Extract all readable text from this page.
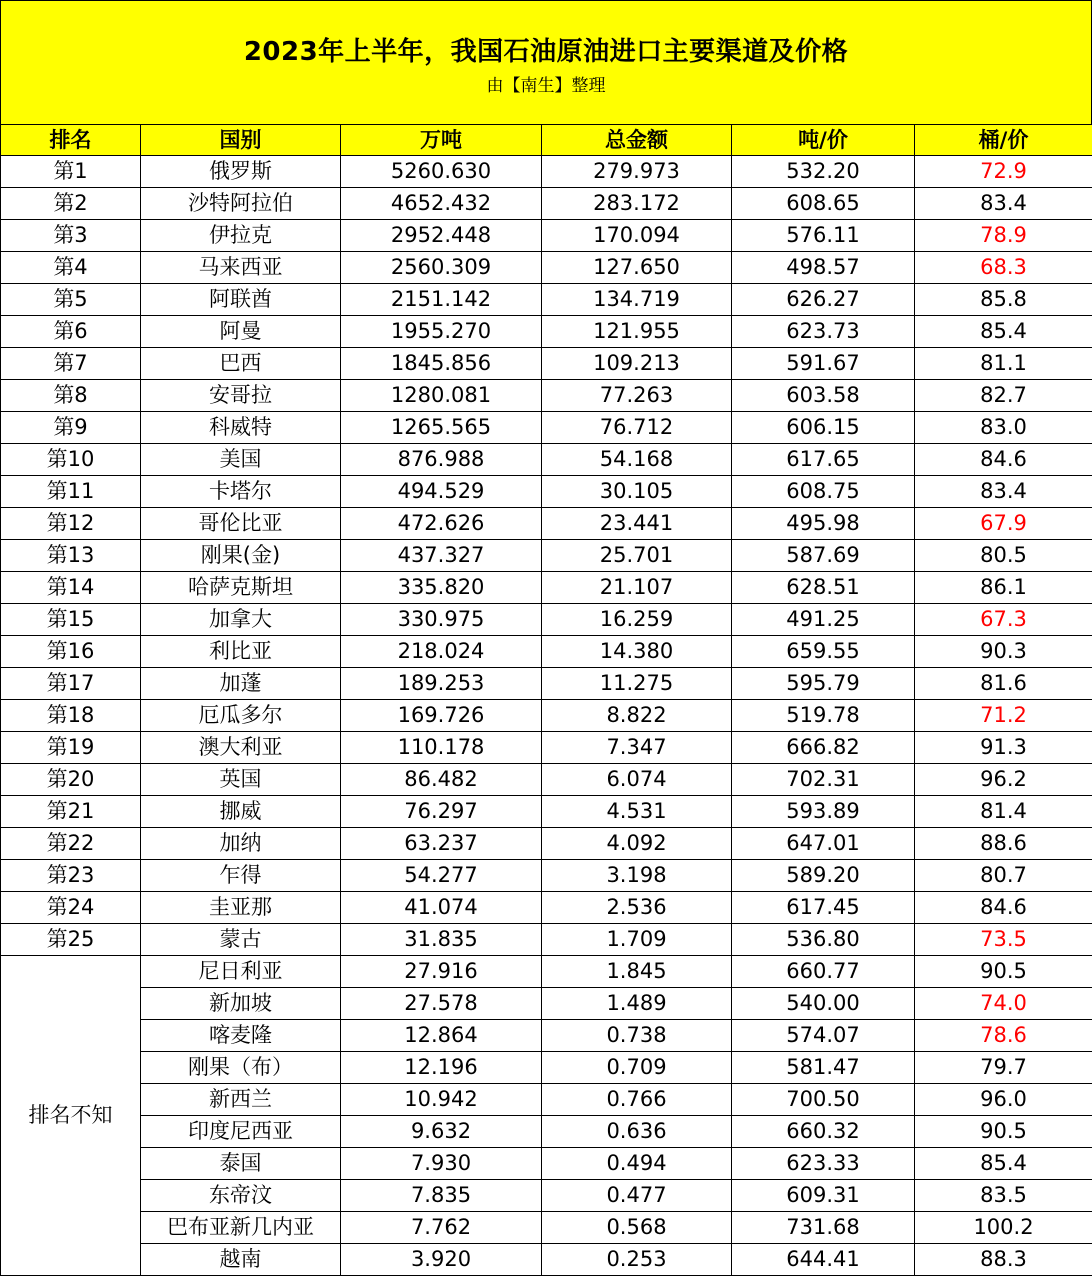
2023年上半年，我国石油原油进口主要渠道及价格
由【南生】整理
排名	国别	万吨	总金额	吨/价	桶/价
第1	俄罗斯	5260.630	279.973	532.20	72.9
第2	沙特阿拉伯	4652.432	283.172	608.65	83.4
第3	伊拉克	2952.448	170.094	576.11	78.9
第4	马来西亚	2560.309	127.650	498.57	68.3
第5	阿联酋	2151.142	134.719	626.27	85.8
第6	阿曼	1955.270	121.955	623.73	85.4
第7	巴西	1845.856	109.213	591.67	81.1
第8	安哥拉	1280.081	77.263	603.58	82.7
第9	科威特	1265.565	76.712	606.15	83.0
第10	美国	876.988	54.168	617.65	84.6
第11	卡塔尔	494.529	30.105	608.75	83.4
第12	哥伦比亚	472.626	23.441	495.98	67.9
第13	刚果(金)	437.327	25.701	587.69	80.5
第14	哈萨克斯坦	335.820	21.107	628.51	86.1
第15	加拿大	330.975	16.259	491.25	67.3
第16	利比亚	218.024	14.380	659.55	90.3
第17	加蓬	189.253	11.275	595.79	81.6
第18	厄瓜多尔	169.726	8.822	519.78	71.2
第19	澳大利亚	110.178	7.347	666.82	91.3
第20	英国	86.482	6.074	702.31	96.2
第21	挪威	76.297	4.531	593.89	81.4
第22	加纳	63.237	4.092	647.01	88.6
第23	乍得	54.277	3.198	589.20	80.7
第24	圭亚那	41.074	2.536	617.45	84.6
第25	蒙古	31.835	1.709	536.80	73.5
排名不知	尼日利亚	27.916	1.845	660.77	90.5
	新加坡	27.578	1.489	540.00	74.0
	喀麦隆	12.864	0.738	574.07	78.6
	刚果（布）	12.196	0.709	581.47	79.7
	新西兰	10.942	0.766	700.50	96.0
	印度尼西亚	9.632	0.636	660.32	90.5
	泰国	7.930	0.494	623.33	85.4
	东帝汶	7.835	0.477	609.31	83.5
	巴布亚新几内亚	7.762	0.568	731.68	100.2
	越南	3.920	0.253	644.41	88.3
